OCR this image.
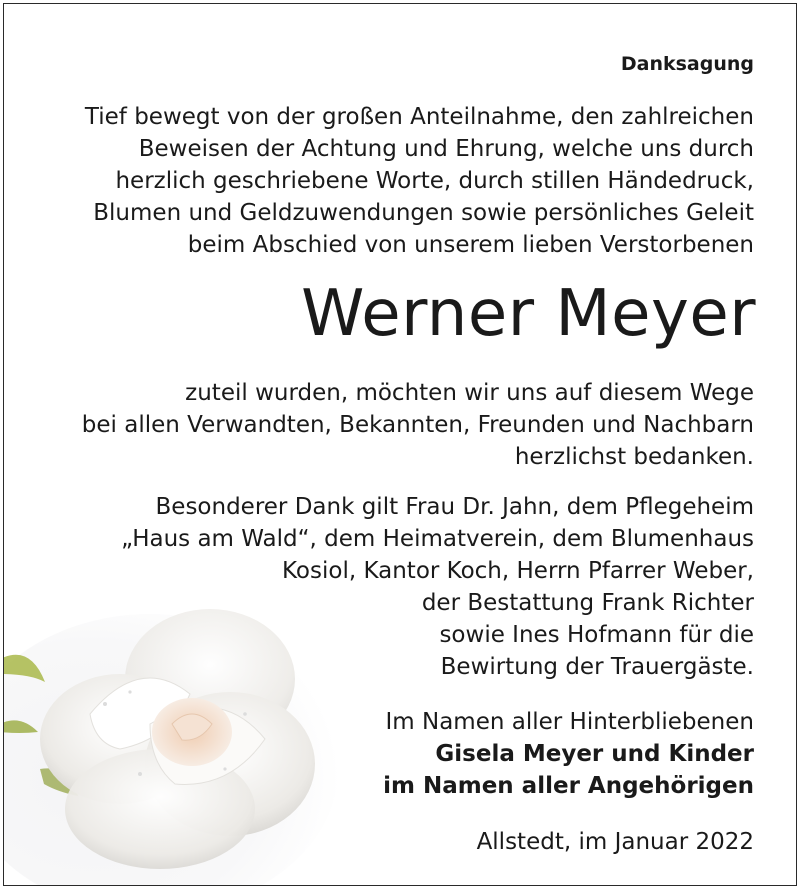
Danksagung
Tief bewegt von der großen Anteilnahme, den zahlreichen
Beweisen der Achtung und Ehrung, welche uns durch
herzlich geschriebene Worte, durch stillen Händedruck,
Blumen und Geldzuwendungen sowie persönliches Geleit
beim Abschied von unserem lieben Verstorbenen
Werner Meyer
zuteil wurden, möchten wir uns auf diesem Wege
bei allen Verwandten, Bekannten, Freunden und Nachbarn
herzlichst bedanken.
Besonderer Dank gilt Frau Dr. Jahn, dem Pflegeheim
„Haus am Wald“, dem Heimatverein, dem Blumenhaus
Kosiol, Kantor Koch, Herrn Pfarrer Weber,
der Bestattung Frank Richter
sowie Ines Hofmann für die
Bewirtung der Trauergäste.
Im Namen aller Hinterbliebenen
Gisela Meyer und Kinder
im Namen aller Angehörigen
Allstedt, im Januar 2022
